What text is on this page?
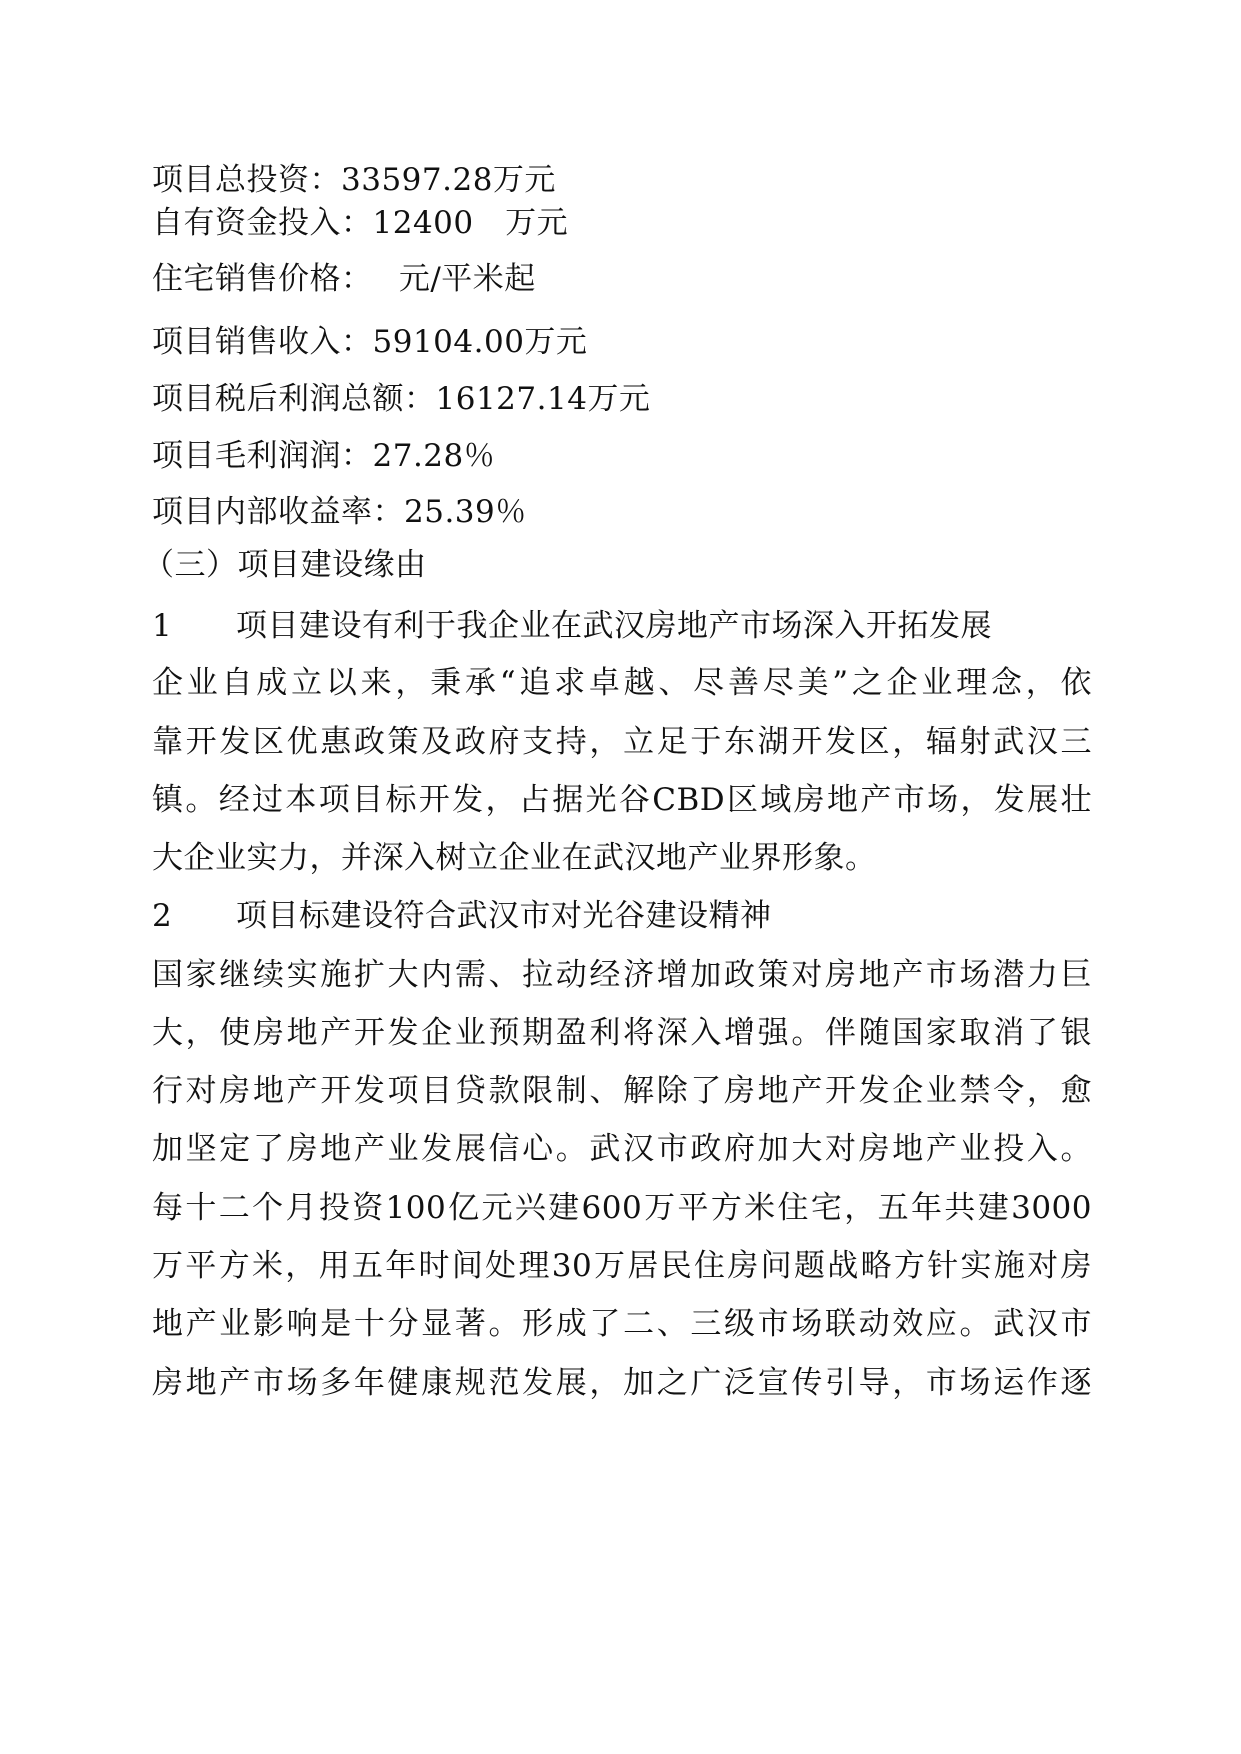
项目总投资：33597.28万元
自有资金投入：12400　万元
住宅销售价格：　 元/平米起
项目销售收入：59104.00万元
项目税后利润总额：16127.14万元
项目毛利润润：27.28％
项目内部收益率：25.39％
（三）项目建设缘由
1 项目建设有利于我企业在武汉房地产市场深入开拓发展
企业自成立以来，秉承“追求卓越、尽善尽美”之企业理念，依
靠开发区优惠政策及政府支持，立足于东湖开发区，辐射武汉三
镇。经过本项目标开发，占据光谷CBD区域房地产市场，发展壮
大企业实力，并深入树立企业在武汉地产业界形象。
2 项目标建设符合武汉市对光谷建设精神
国家继续实施扩大内需、拉动经济增加政策对房地产市场潜力巨
大，使房地产开发企业预期盈利将深入增强。伴随国家取消了银
行对房地产开发项目贷款限制、解除了房地产开发企业禁令，愈
加坚定了房地产业发展信心。武汉市政府加大对房地产业投入。
每十二个月投资100亿元兴建600万平方米住宅，五年共建3000
万平方米，用五年时间处理30万居民住房问题战略方针实施对房
地产业影响是十分显著。形成了二、三级市场联动效应。武汉市
房地产市场多年健康规范发展，加之广泛宣传引导，市场运作逐
